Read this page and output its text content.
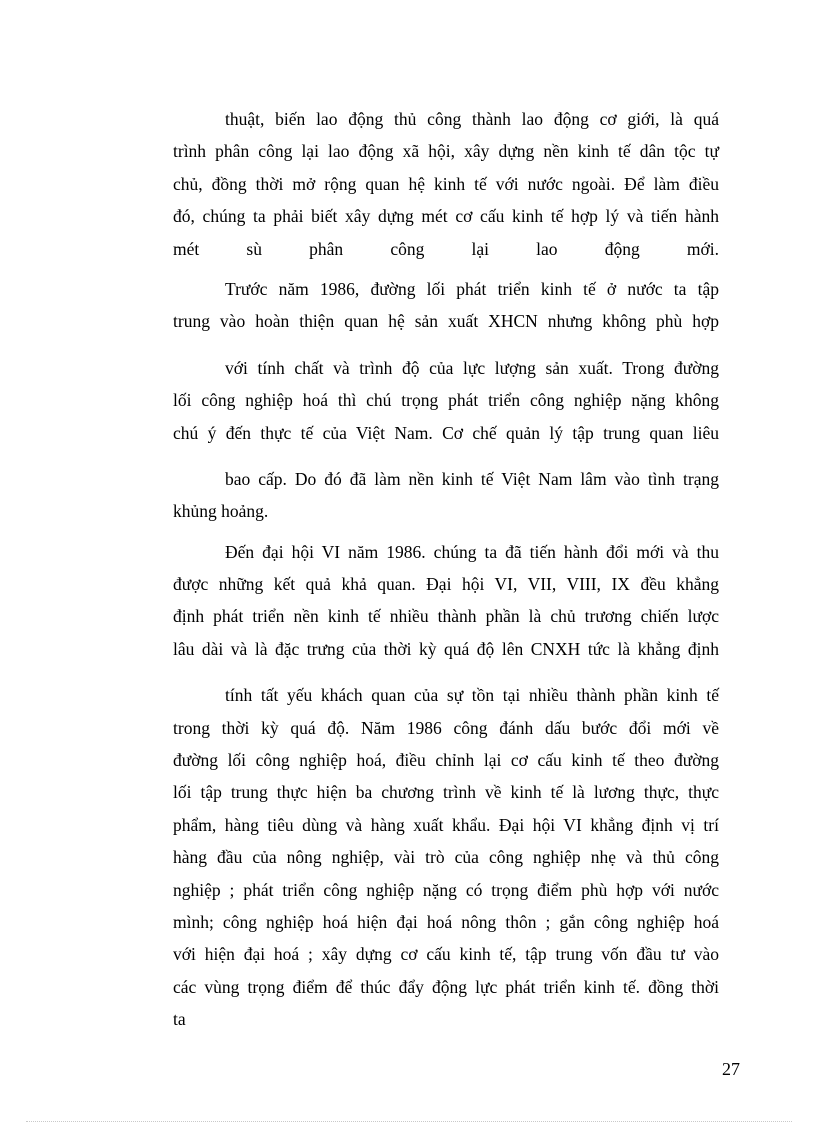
thuật, biến lao động thủ công thành lao động cơ giới, là quá
trình phân công lại lao động xã hội, xây dựng nền kinh tế dân tộc tự
chủ, đồng thời mở rộng quan hệ kinh tế với nước ngoài. Để làm điều
đó, chúng ta phải biết xây dựng mét cơ cấu kinh tế hợp lý và tiến hành
mét sù phân công lại lao động mới.
Trước năm 1986, đường lối phát triển kinh tế ở nước ta tập
trung vào hoàn thiện quan hệ sản xuất XHCN nhưng không phù hợp
với tính chất và trình độ của lực lượng sản xuất. Trong đường
lối công nghiệp hoá thì chú trọng phát triển công nghiệp nặng không
chú ý đến thực tế của Việt Nam. Cơ chế quản lý tập trung quan liêu
bao cấp. Do đó đã làm nền kinh tế Việt Nam lâm vào tình trạng
khủng hoảng.
Đến đại hội VI năm 1986. chúng ta đã tiến hành đổi mới và thu
được những kết quả khả quan. Đại hội VI, VII, VIII, IX đều khẳng
định phát triển nền kinh tế nhiều thành phần là chủ trương chiến lược
lâu dài và là đặc trưng của thời kỳ quá độ lên CNXH tức là khẳng định
tính tất yếu khách quan của sự tồn tại nhiều thành phần kinh tế
trong thời kỳ quá độ. Năm 1986 công đánh dấu bước đổi mới về
đường lối công nghiệp hoá, điều chỉnh lại cơ cấu kinh tế theo đường
lối tập trung thực hiện ba chương trình về kinh tế là lương thực, thực
phẩm, hàng tiêu dùng và hàng xuất khẩu. Đại hội VI khẳng định vị trí
hàng đầu của nông nghiệp, vài trò của công nghiệp nhẹ và thủ công
nghiệp ; phát triển công nghiệp nặng có trọng điểm phù hợp với nước
mình; công nghiệp hoá hiện đại hoá nông thôn ; gắn công nghiệp hoá
với hiện đại hoá ; xây dựng cơ cấu kinh tế, tập trung vốn đầu tư vào
các vùng trọng điểm để thúc đẩy động lực phát triển kinh tế. đồng thời
ta
27
